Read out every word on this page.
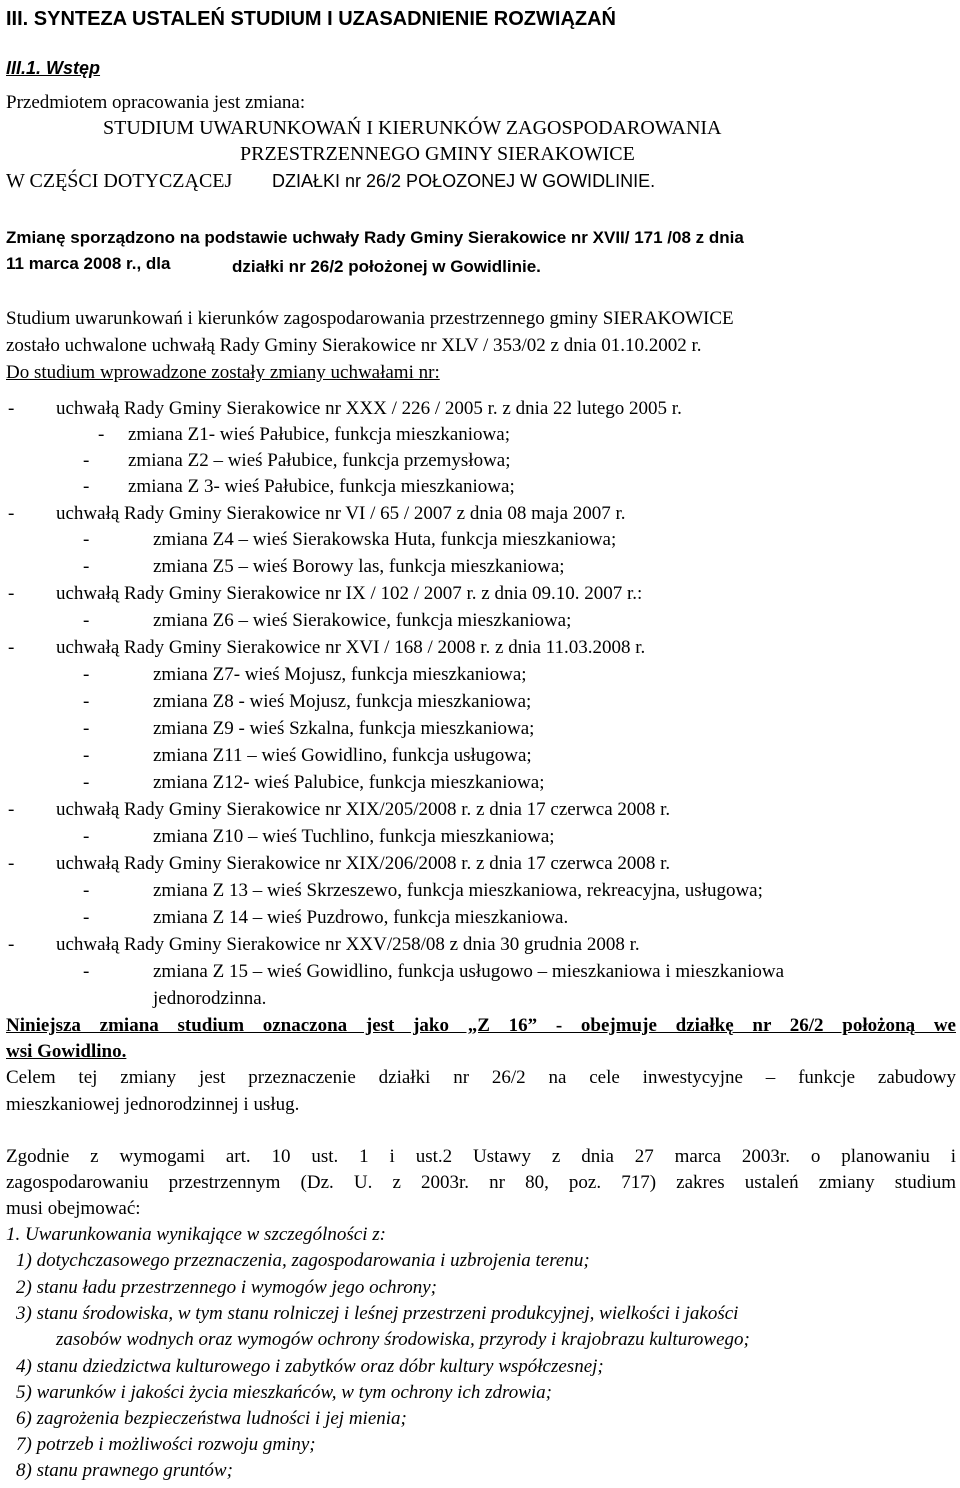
III. SYNTEZA USTALEŃ STUDIUM I UZASADNIENIE ROZWIĄZAŃ
III.1. Wstęp
Przedmiotem opracowania jest zmiana:
STUDIUM UWARUNKOWAŃ I KIERUNKÓW ZAGOSPODAROWANIA
PRZESTRZENNEGO GMINY SIERAKOWICE
W CZĘŚCI DOTYCZĄCEJ DZIAŁKI nr 26/2 POŁOZONEJ W GOWIDLINIE.
Zmianę sporządzono na podstawie uchwały Rady Gminy Sierakowice nr XVII/ 171 /08 z dnia
11 marca 2008 r., dla	działki nr 26/2 położonej w Gowidlinie.
Studium uwarunkowań i kierunków zagospodarowania przestrzennego gminy SIERAKOWICE
zostało uchwalone uchwałą Rady Gminy Sierakowice nr XLV / 353/02 z dnia 01.10.2002 r.
Do studium wprowadzone zostały zmiany uchwałami nr:
- uchwałą Rady Gminy Sierakowice nr XXX / 226 / 2005 r. z dnia 22 lutego 2005 r.
- zmiana Z1- wieś Pałubice, funkcja mieszkaniowa;
- zmiana Z2 – wieś Pałubice, funkcja przemysłowa;
- zmiana Z 3- wieś Pałubice, funkcja mieszkaniowa;
- uchwałą Rady Gminy Sierakowice nr VI / 65 / 2007 z dnia 08 maja 2007 r.
-	zmiana Z4 – wieś Sierakowska Huta, funkcja mieszkaniowa;
-	zmiana Z5 – wieś Borowy las, funkcja mieszkaniowa;
- uchwałą Rady Gminy Sierakowice nr IX / 102 / 2007 r. z dnia 09.10. 2007 r.:
-	zmiana Z6 – wieś Sierakowice, funkcja mieszkaniowa;
- uchwałą Rady Gminy Sierakowice nr XVI / 168 / 2008 r. z dnia 11.03.2008 r.
-	zmiana Z7- wieś Mojusz, funkcja mieszkaniowa;
-	zmiana Z8 - wieś Mojusz, funkcja mieszkaniowa;
-	zmiana Z9 - wieś Szkalna, funkcja mieszkaniowa;
-	zmiana Z11 – wieś Gowidlino, funkcja usługowa;
-	zmiana Z12- wieś Palubice, funkcja mieszkaniowa;
- uchwałą Rady Gminy Sierakowice nr XIX/205/2008 r. z dnia 17 czerwca 2008 r.
-	zmiana Z10 – wieś Tuchlino, funkcja mieszkaniowa;
- uchwałą Rady Gminy Sierakowice nr XIX/206/2008 r. z dnia 17 czerwca 2008 r.
-	zmiana Z 13 – wieś Skrzeszewo, funkcja mieszkaniowa, rekreacyjna, usługowa;
-	zmiana Z 14 – wieś Puzdrowo, funkcja mieszkaniowa.
- uchwałą Rady Gminy Sierakowice nr XXV/258/08 z dnia 30 grudnia 2008 r.
-	zmiana Z 15 – wieś Gowidlino, funkcja usługowo – mieszkaniowa i mieszkaniowa
jednorodzinna.
Niniejsza zmiana studium oznaczona jest jako „Z 16” - obejmuje działkę nr 26/2 położoną we
wsi Gowidlino.
Celem tej zmiany jest przeznaczenie działki nr 26/2 na cele inwestycyjne – funkcje zabudowy
mieszkaniowej jednorodzinnej i usług.
Zgodnie z wymogami art. 10 ust. 1 i ust.2 Ustawy z dnia 27 marca 2003r. o planowaniu i
zagospodarowaniu przestrzennym (Dz. U. z 2003r. nr 80, poz. 717) zakres ustaleń zmiany studium
musi obejmować:
1. Uwarunkowania wynikające w szczególności z:
1) dotychczasowego przeznaczenia, zagospodarowania i uzbrojenia terenu;
2) stanu ładu przestrzennego i wymogów jego ochrony;
3) stanu środowiska, w tym stanu rolniczej i leśnej przestrzeni produkcyjnej, wielkości i jakości
zasobów wodnych oraz wymogów ochrony środowiska, przyrody i krajobrazu kulturowego;
4) stanu dziedzictwa kulturowego i zabytków oraz dóbr kultury współczesnej;
5) warunków i jakości życia mieszkańców, w tym ochrony ich zdrowia;
6) zagrożenia bezpieczeństwa ludności i jej mienia;
7) potrzeb i możliwości rozwoju gminy;
8) stanu prawnego gruntów;
